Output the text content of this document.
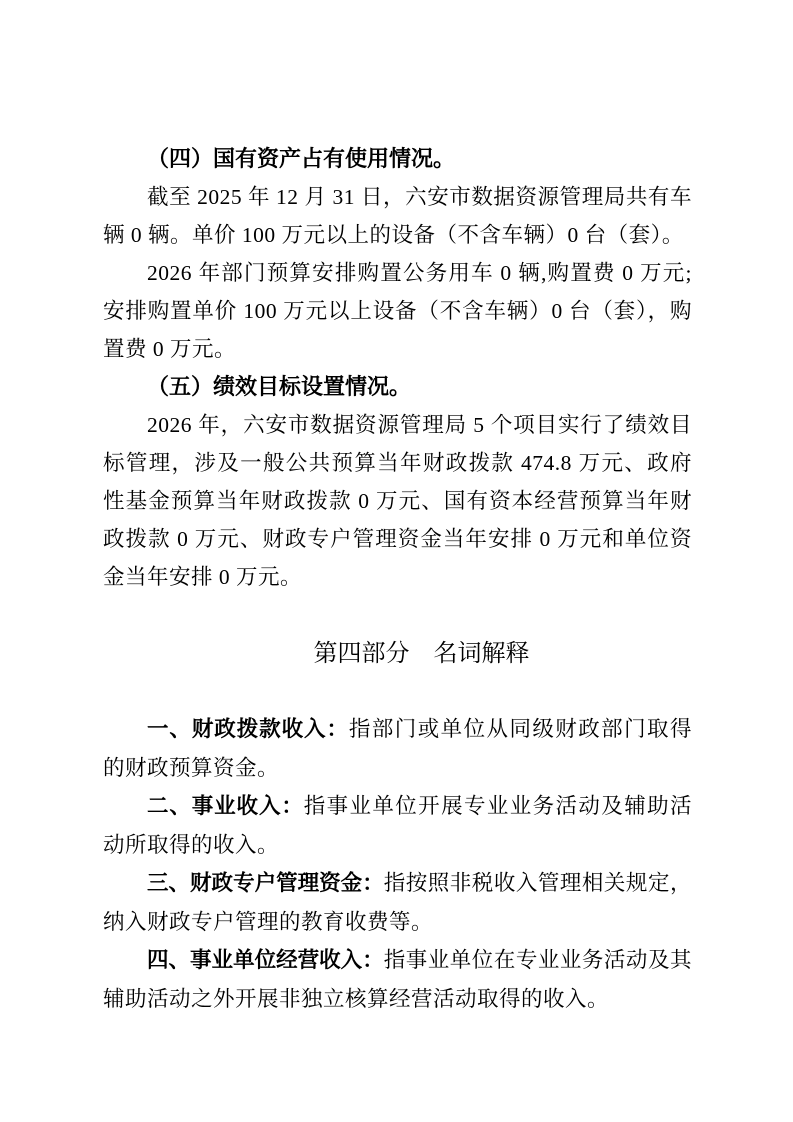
（四）国有资产占有使用情况。

截至 2025 年 12 月 31 日，六安市数据资源管理局共有车辆 0 辆。单价 100 万元以上的设备（不含车辆）0 台（套）。

2026 年部门预算安排购置公务用车 0 辆,购置费 0 万元;安排购置单价 100 万元以上设备（不含车辆）0 台（套），购置费 0 万元。

（五）绩效目标设置情况。

2026 年，六安市数据资源管理局 5 个项目实行了绩效目标管理，涉及一般公共预算当年财政拨款 474.8 万元、政府性基金预算当年财政拨款 0 万元、国有资本经营预算当年财政拨款 0 万元、财政专户管理资金当年安排 0 万元和单位资金当年安排 0 万元。

第四部分　名词解释

一、财政拨款收入：指部门或单位从同级财政部门取得的财政预算资金。

二、事业收入：指事业单位开展专业业务活动及辅助活动所取得的收入。

三、财政专户管理资金：指按照非税收入管理相关规定，纳入财政专户管理的教育收费等。

四、事业单位经营收入：指事业单位在专业业务活动及其辅助活动之外开展非独立核算经营活动取得的收入。
